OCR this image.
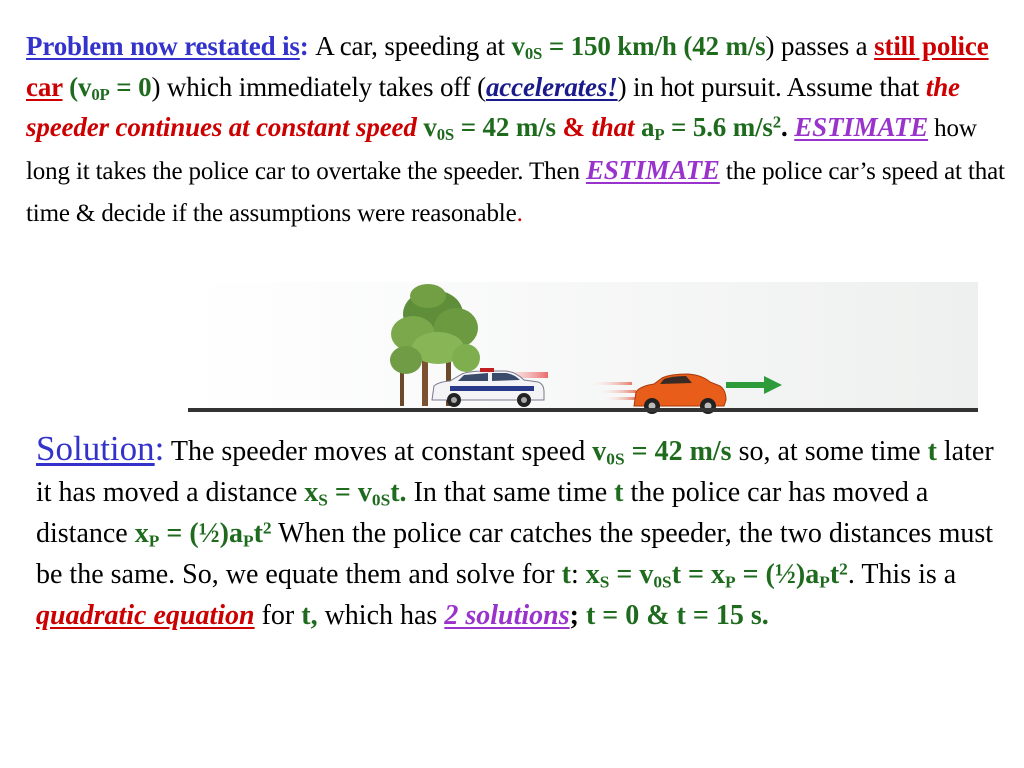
Problem now restated is: A car, speeding at $v_{0S} = 150$ km/h (42 m/s) passes a still police car $(v_{0P} = 0)$ which immediately takes off (accelerates!) in hot pursuit. Assume that the speeder continues at constant speed $v_{0S} = 42$ m/s & that $a_P = 5.6$ $m/s^2$. ESTIMATE how long it takes the police car to overtake the speeder. Then ESTIMATE the police car’s speed at that time & decide if the assumptions were reasonable.
Solution: The speeder moves at constant speed $v_{0S} = 42$ m/s so, at some time t later it has moved a distance $x_S = v_{0S}t$. In that same time t the police car has moved a distance $x_P$ = $(\frac{1}{2})a_Pt^2$ When the police car catches the speeder, the two distances must be the same. So, we equate them and solve for t: $x_S = v_{0S}t = x_P$ = $(\frac{1}{2})a_Pt^2$. This is a quadratic equation for t, which has 2 solutions; t = 0 & t = 15 s.
